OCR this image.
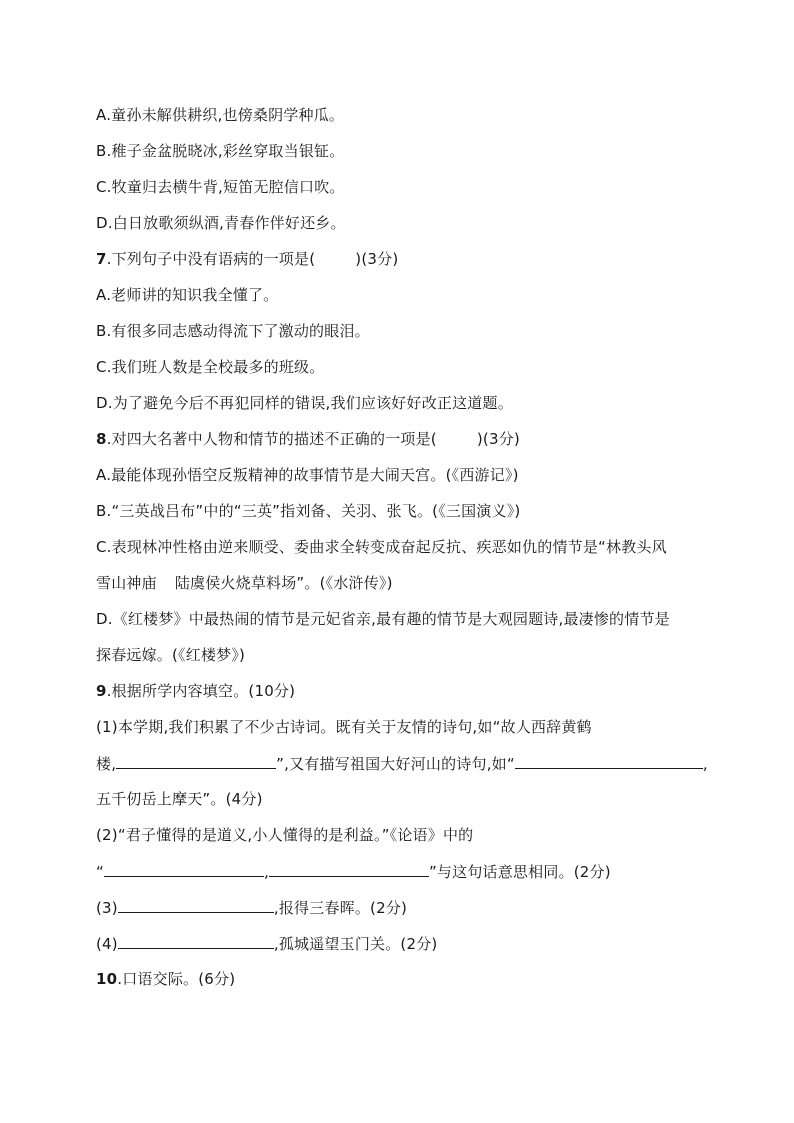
A.童孙未解供耕织,也傍桑阴学种瓜。
B.稚子金盆脱晓冰,彩丝穿取当银钲。
C.牧童归去横牛背,短笛无腔信口吹。
D.白日放歌须纵酒,青春作伴好还乡。
7.下列句子中没有语病的一项是(	)(3分)
A.老师讲的知识我全懂了。
B.有很多同志感动得流下了激动的眼泪。
C.我们班人数是全校最多的班级。
D.为了避免今后不再犯同样的错误,我们应该好好改正这道题。
8.对四大名著中人物和情节的描述不正确的一项是(	)(3分)
A.最能体现孙悟空反叛精神的故事情节是大闹天宫。(《西游记》)
B.“三英战吕布”中的“三英”指刘备、关羽、张飞。(《三国演义》)
C.表现林冲性格由逆来顺受、委曲求全转变成奋起反抗、疾恶如仇的情节是“林教头风
雪山神庙 陆虞侯火烧草料场”。(《水浒传》)
D.《红楼梦》中最热闹的情节是元妃省亲,最有趣的情节是大观园题诗,最凄惨的情节是
探春远嫁。(《红楼梦》)
9.根据所学内容填空。(10分)
(1)本学期,我们积累了不少古诗词。既有关于友情的诗句,如“故人西辞黄鹤
楼,	”,又有描写祖国大好河山的诗句,如“	,
五千仞岳上摩天”。(4分)
(2)“君子懂得的是道义,小人懂得的是利益。”《论语》中的
“	,	”与这句话意思相同。(2分)
(3)	,报得三春晖。(2分)
(4)	,孤城遥望玉门关。(2分)
10.口语交际。(6分)
